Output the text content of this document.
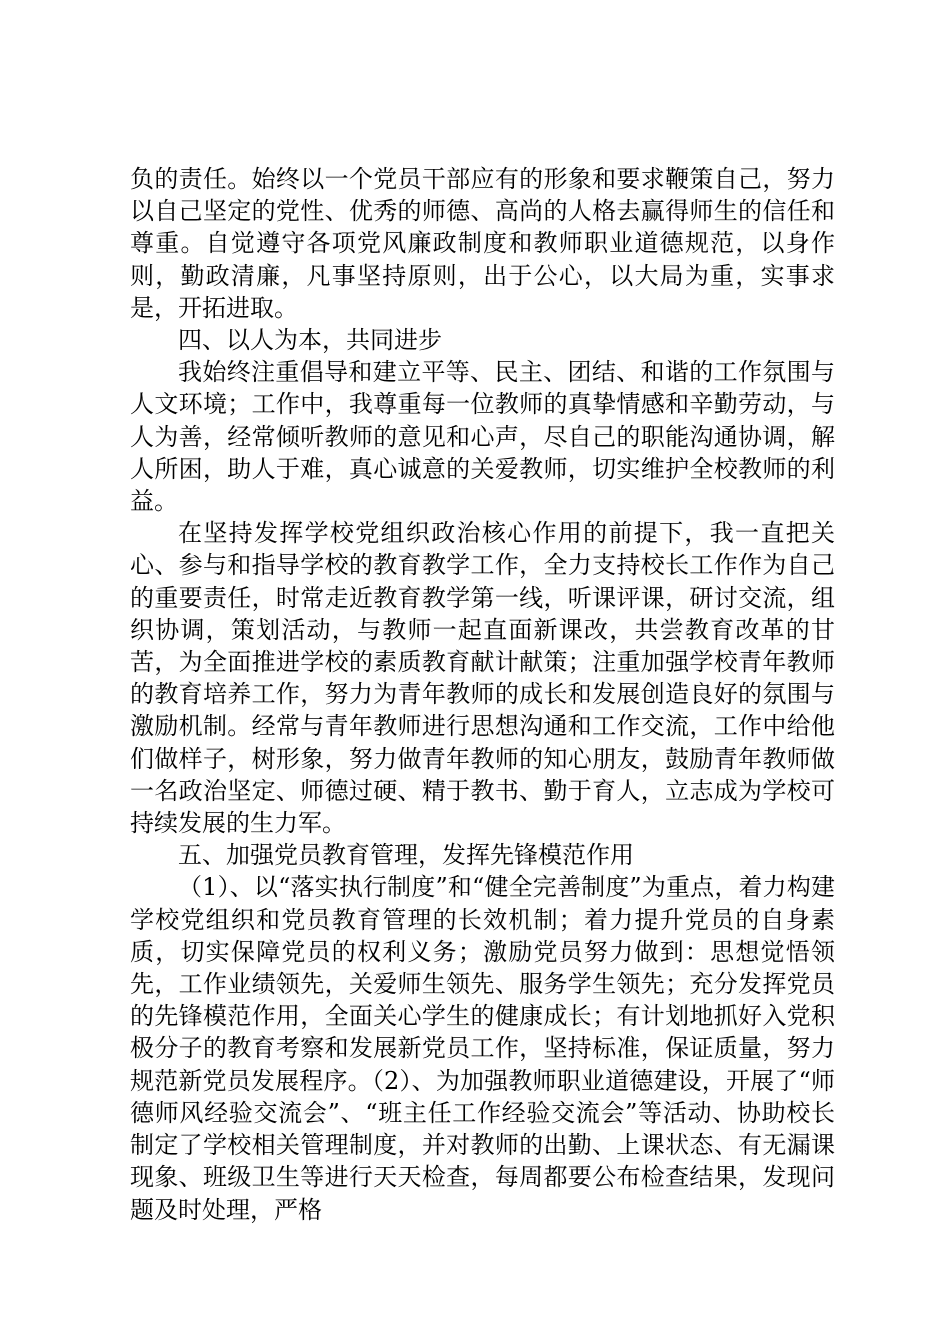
负的责任。始终以一个党员干部应有的形象和要求鞭策自己，努力以自己坚定的党性、优秀的师德、高尚的人格去赢得师生的信任和尊重。自觉遵守各项党风廉政制度和教师职业道德规范，以身作则，勤政清廉，凡事坚持原则，出于公心，以大局为重，实事求是，开拓进取。

四、以人为本，共同进步

我始终注重倡导和建立平等、民主、团结、和谐的工作氛围与人文环境；工作中，我尊重每一位教师的真挚情感和辛勤劳动，与人为善，经常倾听教师的意见和心声，尽自己的职能沟通协调，解人所困，助人于难，真心诚意的关爱教师，切实维护全校教师的利益。

在坚持发挥学校党组织政治核心作用的前提下，我一直把关心、参与和指导学校的教育教学工作，全力支持校长工作作为自己的重要责任，时常走近教育教学第一线，听课评课，研讨交流，组织协调，策划活动，与教师一起直面新课改，共尝教育改革的甘苦，为全面推进学校的素质教育献计献策；注重加强学校青年教师的教育培养工作，努力为青年教师的成长和发展创造良好的氛围与激励机制。经常与青年教师进行思想沟通和工作交流，工作中给他们做样子，树形象，努力做青年教师的知心朋友，鼓励青年教师做一名政治坚定、师德过硬、精于教书、勤于育人，立志成为学校可持续发展的生力军。

五、加强党员教育管理，发挥先锋模范作用

（1）、以“落实执行制度”和“健全完善制度”为重点，着力构建学校党组织和党员教育管理的长效机制；着力提升党员的自身素质，切实保障党员的权利义务；激励党员努力做到：思想觉悟领先，工作业绩领先，关爱师生领先、服务学生领先；充分发挥党员的先锋模范作用，全面关心学生的健康成长；有计划地抓好入党积极分子的教育考察和发展新党员工作，坚持标准，保证质量，努力规范新党员发展程序。（2）、为加强教师职业道德建设，开展了“师德师风经验交流会”、“班主任工作经验交流会”等活动、协助校长制定了学校相关管理制度，并对教师的出勤、上课状态、有无漏课现象、班级卫生等进行天天检查，每周都要公布检查结果，发现问题及时处理，严格
